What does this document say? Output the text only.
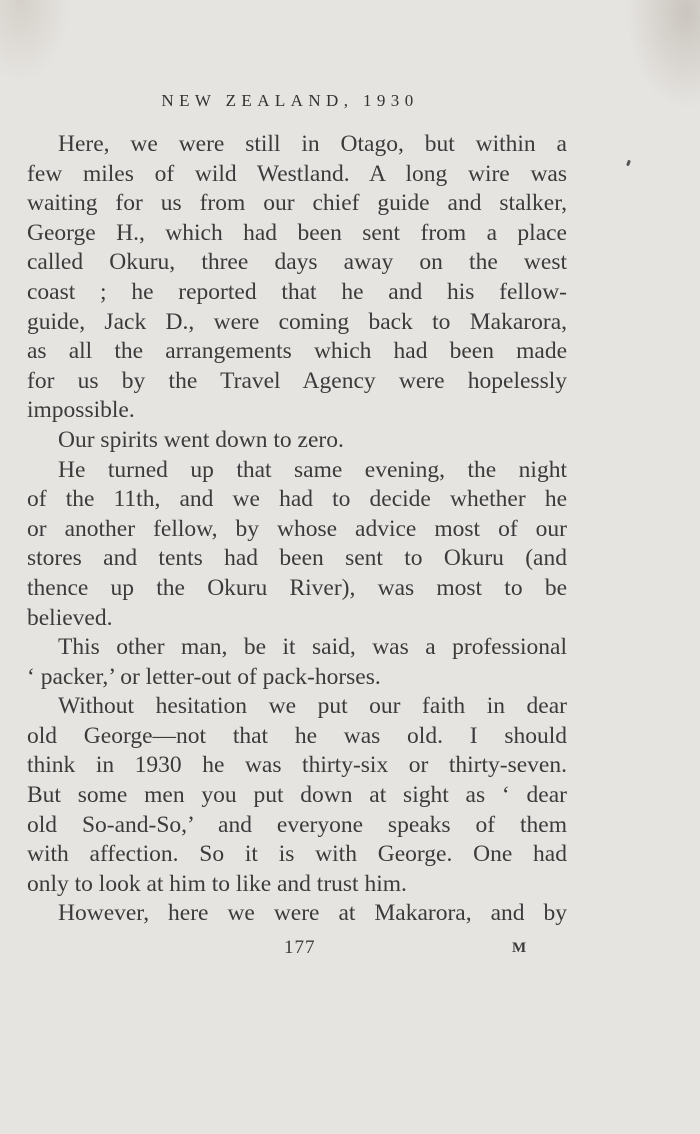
NEW ZEALAND, 1930
Here, we were still in Otago, but within a
few miles of wild Westland. A long wire was
waiting for us from our chief guide and stalker,
George H., which had been sent from a place
called Okuru, three days away on the west
coast ; he reported that he and his fellow-
guide, Jack D., were coming back to Makarora,
as all the arrangements which had been made
for us by the Travel Agency were hopelessly
impossible.
Our spirits went down to zero.
He turned up that same evening, the night
of the 11th, and we had to decide whether he
or another fellow, by whose advice most of our
stores and tents had been sent to Okuru (and
thence up the Okuru River), was most to be
believed.
This other man, be it said, was a professional
‘ packer,’ or letter-out of pack-horses.
Without hesitation we put our faith in dear
old George—not that he was old. I should
think in 1930 he was thirty-six or thirty-seven.
But some men you put down at sight as ‘ dear
old So-and-So,’ and everyone speaks of them
with affection. So it is with George. One had
only to look at him to like and trust him.
However, here we were at Makarora, and by
177	M
